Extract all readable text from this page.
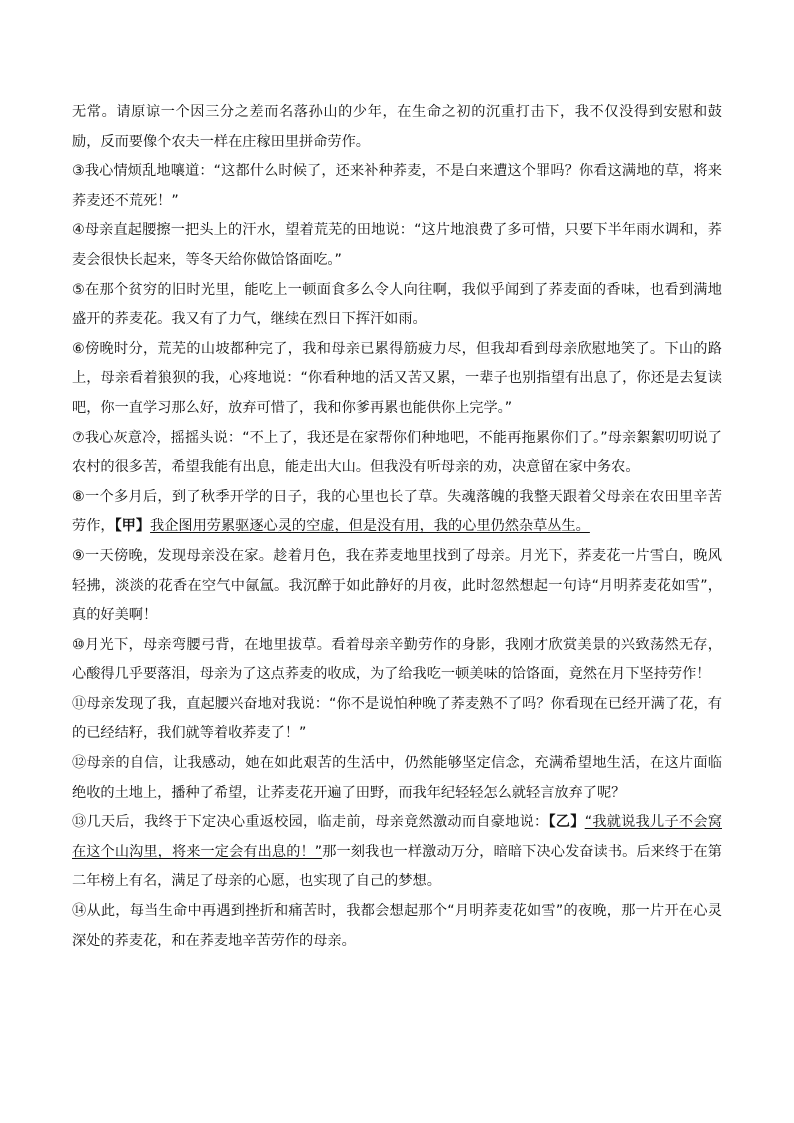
无常。请原谅一个因三分之差而名落孙山的少年，在生命之初的沉重打击下，我不仅没得到安慰和鼓励，反而要像个农夫一样在庄稼田里拼命劳作。

③我心情烦乱地嚷道：“这都什么时候了，还来补种荞麦，不是白来遭这个罪吗？你看这满地的草，将来荞麦还不荒死！”

④母亲直起腰擦一把头上的汗水，望着荒芜的田地说：“这片地浪费了多可惜，只要下半年雨水调和，荞麦会很快长起来，等冬天给你做饸饹面吃。”

⑤在那个贫穷的旧时光里，能吃上一顿面食多么令人向往啊，我似乎闻到了荞麦面的香味，也看到满地盛开的荞麦花。我又有了力气，继续在烈日下挥汗如雨。

⑥傍晚时分，荒芜的山坡都种完了，我和母亲已累得筋疲力尽，但我却看到母亲欣慰地笑了。下山的路上，母亲看着狼狈的我，心疼地说：“你看种地的活又苦又累，一辈子也别指望有出息了，你还是去复读吧，你一直学习那么好，放弃可惜了，我和你爹再累也能供你上完学。”

⑦我心灰意冷，摇摇头说：“不上了，我还是在家帮你们种地吧，不能再拖累你们了。”母亲絮絮叨叨说了农村的很多苦，希望我能有出息，能走出大山。但我没有听母亲的劝，决意留在家中务农。

⑧一个多月后，到了秋季开学的日子，我的心里也长了草。失魂落魄的我整天跟着父母亲在农田里辛苦劳作，【甲】我企图用劳累驱逐心灵的空虚，但是没有用，我的心里仍然杂草丛生。

⑨一天傍晚，发现母亲没在家。趁着月色，我在荞麦地里找到了母亲。月光下，荞麦花一片雪白，晚风轻拂，淡淡的花香在空气中氤氲。我沉醉于如此静好的月夜，此时忽然想起一句诗“月明荞麦花如雪”，真的好美啊！

⑩月光下，母亲弯腰弓背，在地里拔草。看着母亲辛勤劳作的身影，我刚才欣赏美景的兴致荡然无存，心酸得几乎要落泪，母亲为了这点荞麦的收成，为了给我吃一顿美味的饸饹面，竟然在月下坚持劳作！

⑪母亲发现了我，直起腰兴奋地对我说：“你不是说怕种晚了荞麦熟不了吗？你看现在已经开满了花，有的已经结籽，我们就等着收荞麦了！”

⑫母亲的自信，让我感动，她在如此艰苦的生活中，仍然能够坚定信念，充满希望地生活，在这片面临绝收的土地上，播种了希望，让荞麦花开遍了田野，而我年纪轻轻怎么就轻言放弃了呢？

⑬几天后，我终于下定决心重返校园，临走前，母亲竟然激动而自豪地说：【乙】“我就说我儿子不会窝在这个山沟里，将来一定会有出息的！”那一刻我也一样激动万分，暗暗下决心发奋读书。后来终于在第二年榜上有名，满足了母亲的心愿，也实现了自己的梦想。

⑭从此，每当生命中再遇到挫折和痛苦时，我都会想起那个“月明荞麦花如雪”的夜晚，那一片开在心灵深处的荞麦花，和在荞麦地辛苦劳作的母亲。
